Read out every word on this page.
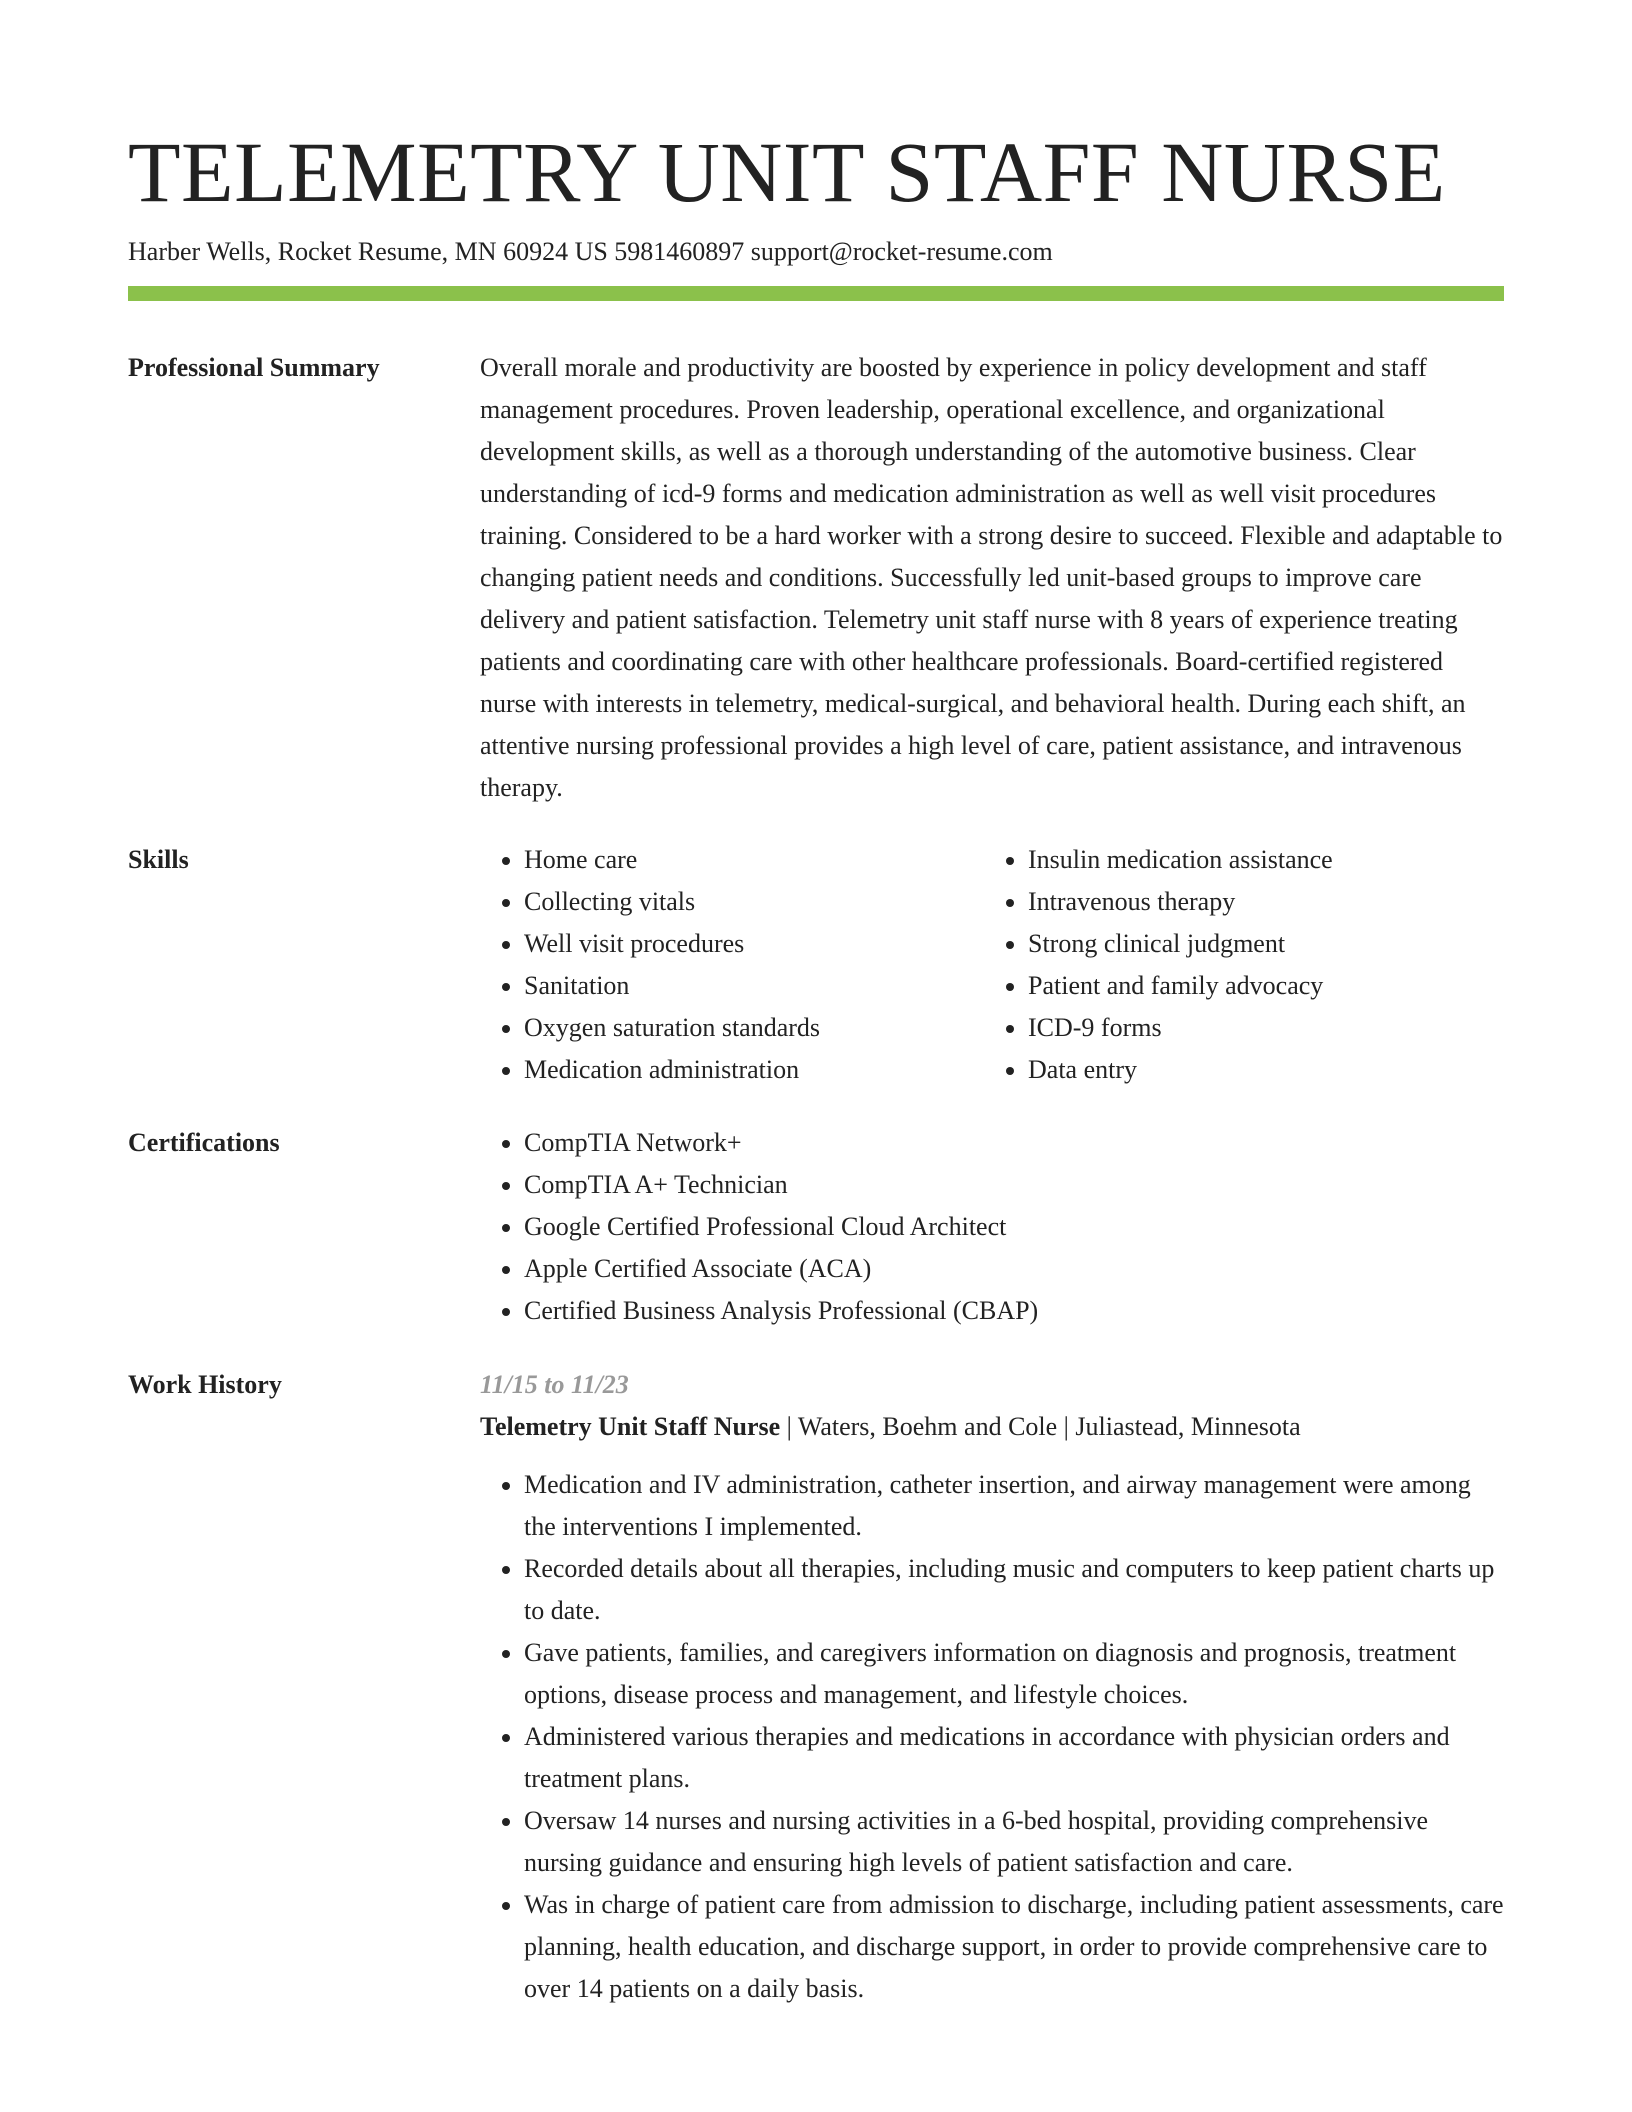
TELEMETRY UNIT STAFF NURSE
Harber Wells, Rocket Resume, MN 60924 US 5981460897 support@rocket-resume.com
Professional Summary	Overall morale and productivity are boosted by experience in policy development and staff management procedures. Proven leadership, operational excellence, and organizational development skills, as well as a thorough understanding of the automotive business. Clear understanding of icd-9 forms and medication administration as well as well visit procedures training. Considered to be a hard worker with a strong desire to succeed. Flexible and adaptable to changing patient needs and conditions. Successfully led unit-based groups to improve care delivery and patient satisfaction. Telemetry unit staff nurse with 8 years of experience treating patients and coordinating care with other healthcare professionals. Board-certified registered nurse with interests in telemetry, medical-surgical, and behavioral health. During each shift, an attentive nursing professional provides a high level of care, patient assistance, and intravenous therapy.

Skills	• Home care
• Collecting vitals
• Well visit procedures
• Sanitation
• Oxygen saturation standards
• Medication administration
• Insulin medication assistance
• Intravenous therapy
• Strong clinical judgment
• Patient and family advocacy
• ICD-9 forms
• Data entry
Certifications	• CompTIA Network+
• CompTIA A+ Technician
• Google Certified Professional Cloud Architect
• Apple Certified Associate (ACA)
• Certified Business Analysis Professional (CBAP)
Work History	11/15 to 11/23
Telemetry Unit Staff Nurse | Waters, Boehm and Cole | Juliastead, Minnesota
• Medication and IV administration, catheter insertion, and airway management were among the interventions I implemented.
• Recorded details about all therapies, including music and computers to keep patient charts up to date.
• Gave patients, families, and caregivers information on diagnosis and prognosis, treatment options, disease process and management, and lifestyle choices.
• Administered various therapies and medications in accordance with physician orders and treatment plans.
• Oversaw 14 nurses and nursing activities in a 6-bed hospital, providing comprehensive nursing guidance and ensuring high levels of patient satisfaction and care.
• Was in charge of patient care from admission to discharge, including patient assessments, care planning, health education, and discharge support, in order to provide comprehensive care to over 14 patients on a daily basis.
